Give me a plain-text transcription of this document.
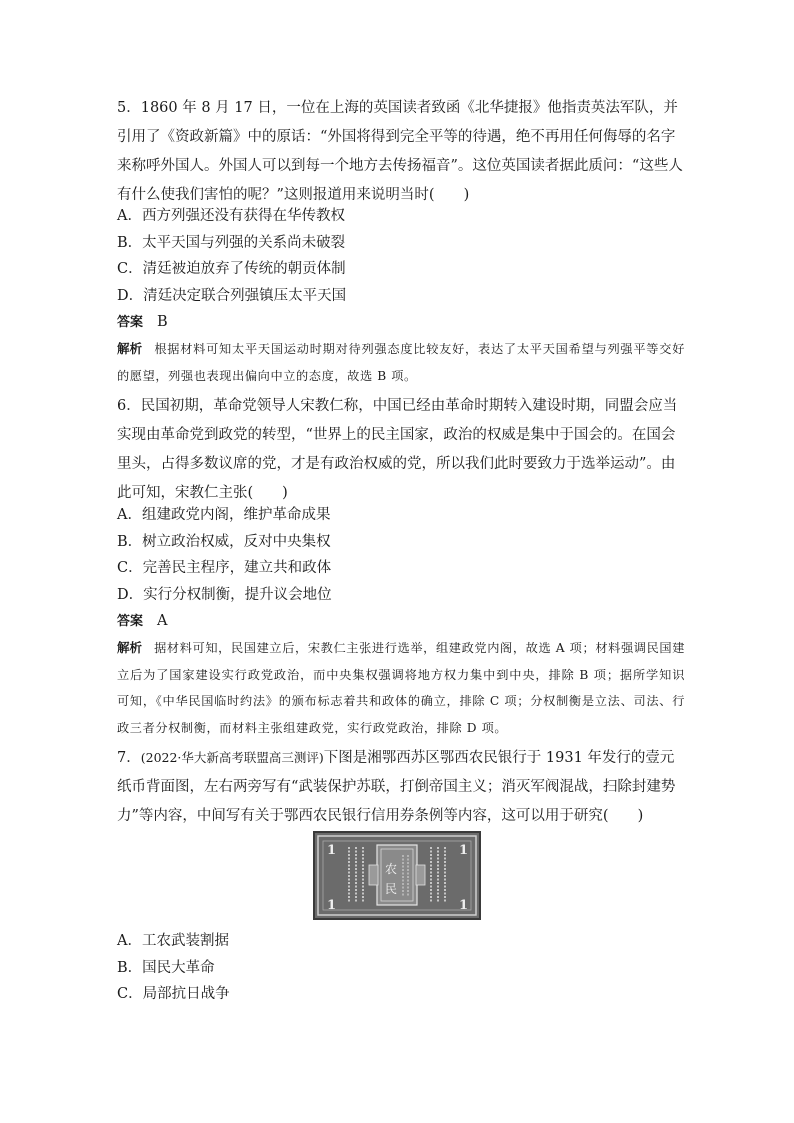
5．1860 年 8 月 17 日，一位在上海的英国读者致函《北华捷报》他指责英法军队，并引用了《资政新篇》中的原话：“外国将得到完全平等的待遇，绝不再用任何侮辱的名字来称呼外国人。外国人可以到每一个地方去传扬福音”。这位英国读者据此质问：“这些人有什么使我们害怕的呢？”这则报道用来说明当时(　　)

A．西方列强还没有获得在华传教权

B．太平天国与列强的关系尚未破裂

C．清廷被迫放弃了传统的朝贡体制

D．清廷决定联合列强镇压太平天国

答案 B

解析 根据材料可知太平天国运动时期对待列强态度比较友好，表达了太平天国希望与列强平等交好的愿望，列强也表现出偏向中立的态度，故选 B 项。

6．民国初期，革命党领导人宋教仁称，中国已经由革命时期转入建设时期，同盟会应当实现由革命党到政党的转型，“世界上的民主国家，政治的权威是集中于国会的。在国会里头，占得多数议席的党，才是有政治权威的党，所以我们此时要致力于选举运动”。由此可知，宋教仁主张(　　)

A．组建政党内阁，维护革命成果

B．树立政治权威，反对中央集权

C．完善民主程序，建立共和政体

D．实行分权制衡，提升议会地位

答案 A

解析 据材料可知，民国建立后，宋教仁主张进行选举，组建政党内阁，故选 A 项；材料强调民国建立后为了国家建设实行政党政治，而中央集权强调将地方权力集中到中央，排除 B 项；据所学知识可知，《中华民国临时约法》的颁布标志着共和政体的确立，排除 C 项；分权制衡是立法、司法、行政三者分权制衡，而材料主张组建政党，实行政党政治，排除 D 项。

7．(2022·华大新高考联盟高三测评)下图是湘鄂西苏区鄂西农民银行于 1931 年发行的壹元纸币背面图，左右两旁写有“武装保护苏联，打倒帝国主义；消灭军阀混战，扫除封建势力”等内容，中间写有关于鄂西农民银行信用券条例等内容，这可以用于研究(　　)

1	1
1	1
农
民

A．工农武装割据

B．国民大革命

C．局部抗日战争
